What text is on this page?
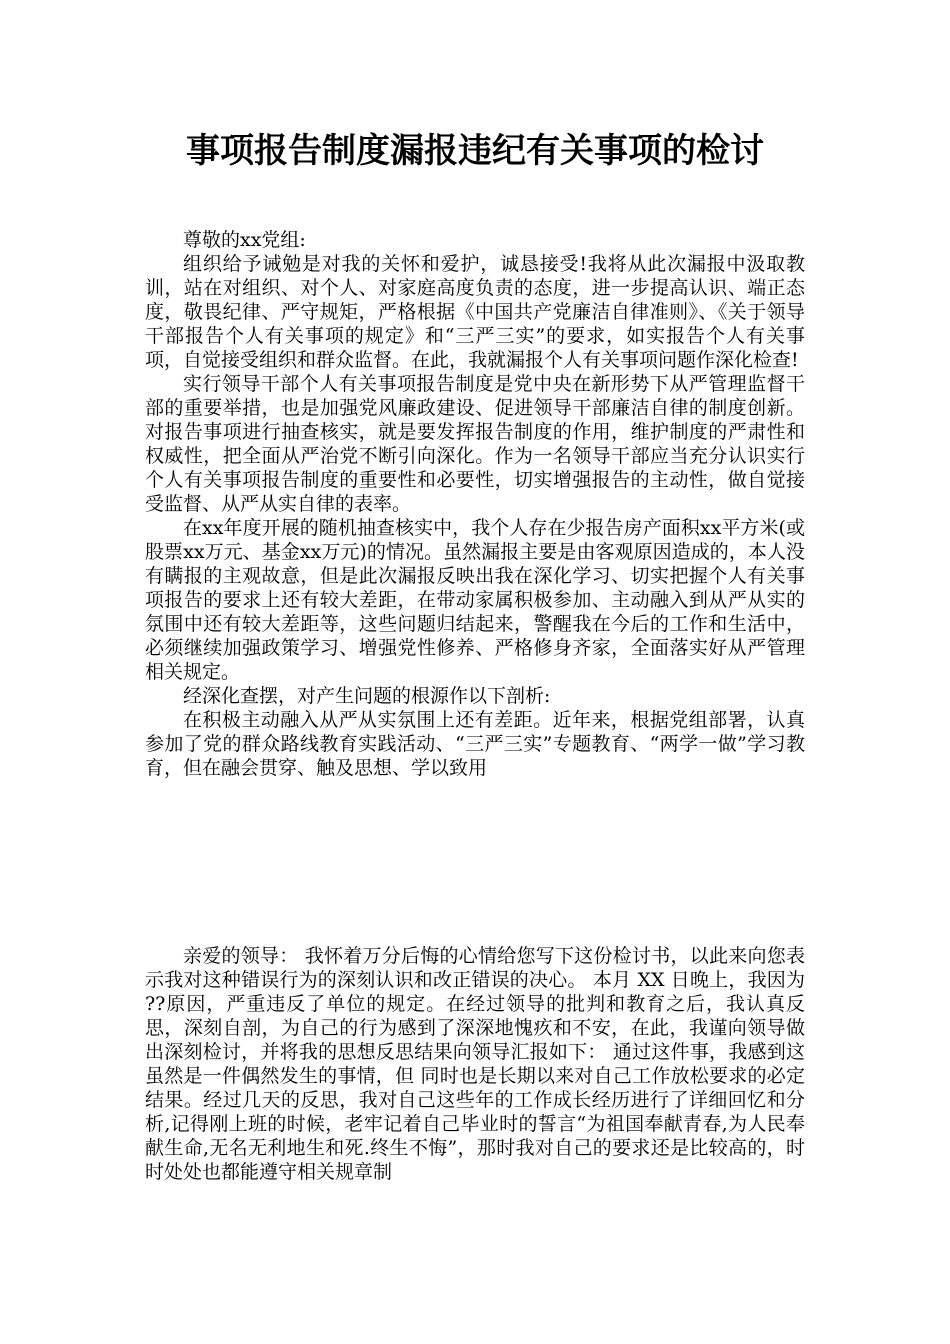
事项报告制度漏报违纪有关事项的检讨

尊敬的xx党组:

组织给予诫勉是对我的关怀和爱护，诚恳接受!我将从此次漏报中汲取教训，站在对组织、对个人、对家庭高度负责的态度，进一步提高认识、端正态度，敬畏纪律、严守规矩，严格根据《中国共产党廉洁自律准则》、《关于领导干部报告个人有关事项的规定》和“三严三实”的要求，如实报告个人有关事项，自觉接受组织和群众监督。在此，我就漏报个人有关事项问题作深化检查!

实行领导干部个人有关事项报告制度是党中央在新形势下从严管理监督干部的重要举措，也是加强党风廉政建设、促进领导干部廉洁自律的制度创新。对报告事项进行抽查核实，就是要发挥报告制度的作用，维护制度的严肃性和权威性，把全面从严治党不断引向深化。作为一名领导干部应当充分认识实行个人有关事项报告制度的重要性和必要性，切实增强报告的主动性，做自觉接受监督、从严从实自律的表率。

在xx年度开展的随机抽查核实中，我个人存在少报告房产面积xx平方米(或股票xx万元、基金xx万元)的情况。虽然漏报主要是由客观原因造成的，本人没有瞒报的主观故意，但是此次漏报反映出我在深化学习、切实把握个人有关事项报告的要求上还有较大差距，在带动家属积极参加、主动融入到从严从实的氛围中还有较大差距等，这些问题归结起来，警醒我在今后的工作和生活中，必须继续加强政策学习、增强党性修养、严格修身齐家，全面落实好从严管理相关规定。

经深化查摆，对产生问题的根源作以下剖析:

在积极主动融入从严从实氛围上还有差距。近年来，根据党组部署，认真参加了党的群众路线教育实践活动、“三严三实”专题教育、“两学一做”学习教育，但在融会贯穿、触及思想、学以致用

亲爱的领导： 我怀着万分后悔的心情给您写下这份检讨书，以此来向您表示我对这种错误行为的深刻认识和改正错误的决心。 本月 XX 日晚上，我因为 ??原因，严重违反了单位的规定。在经过领导的批判和教育之后，我认真反思，深刻自剖，为自己的行为感到了深深地愧疚和不安，在此，我谨向领导做出深刻检讨，并将我的思想反思结果向领导汇报如下： 通过这件事，我感到这虽然是一件偶然发生的事情，但 同时也是长期以来对自己工作放松要求的必定结果。经过几天的反思，我对自己这些年的工作成长经历进行了详细回忆和分析,记得刚上班的时候，老牢记着自己毕业时的誓言“为祖国奉献青春,为人民奉献生命,无名无利地生和死.终生不悔”，那时我对自己的要求还是比较高的，时时处处也都能遵守相关规章制
